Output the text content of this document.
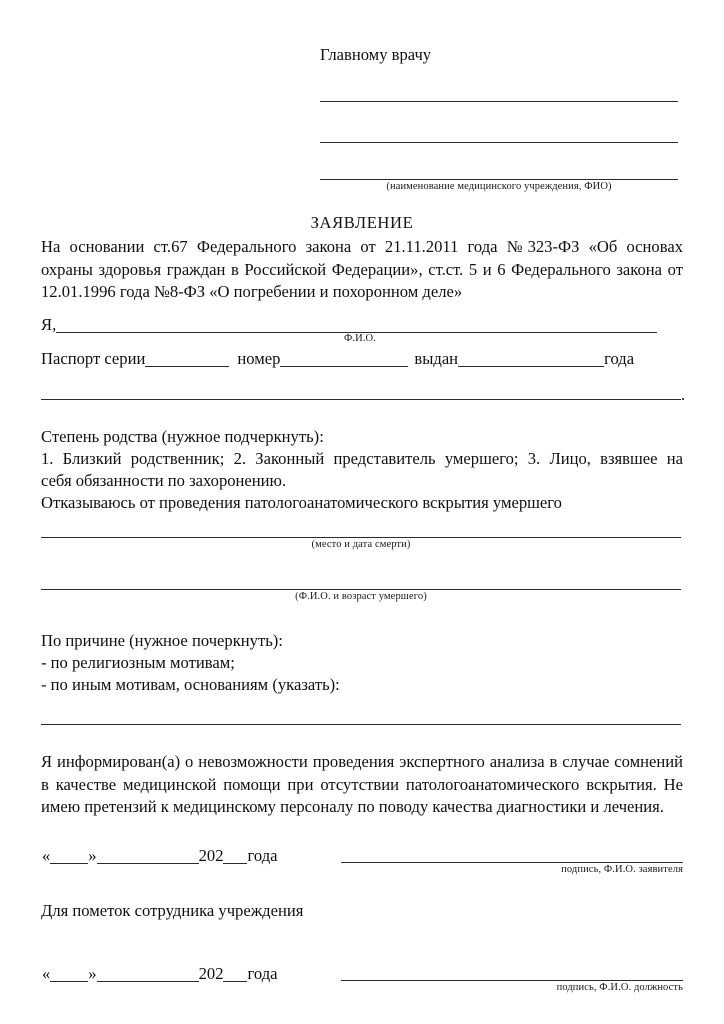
Главному врачу
(наименование медицинского учреждения, ФИО)
ЗАЯВЛЕНИЕ
На основании ст.67 Федерального закона от 21.11.2011 года №323-ФЗ «Об основах охраны здоровья граждан в Российской Федерации», ст.ст. 5 и 6 Федерального закона от 12.01.1996 года №8-ФЗ «О погребении и похоронном деле»
Я,
Ф.И.О.
Паспорт серии	номер	выдан	года
.
Степень родства (нужное подчеркнуть):
1. Близкий родственник; 2. Законный представитель умершего; 3. Лицо, взявшее на
себя обязанности по захоронению.
Отказываюсь от проведения патологоанатомического вскрытия умершего
(место и дата смерти)
(Ф.И.О. и возраст умершего)
По причине (нужное почеркнуть):
- по религиозным мотивам;
- по иным мотивам, основаниям (указать):
Я информирован(а) о невозможности проведения экспертного анализа в случае сомнений в качестве медицинской помощи при отсутствии патологоанатомического вскрытия. Не имею претензий к медицинскому персоналу по поводу качества диагностики и лечения.
« »	202 года
подпись, Ф.И.О. заявителя
Для пометок сотрудника учреждения
« »	202 года
подпись, Ф.И.О. должность
